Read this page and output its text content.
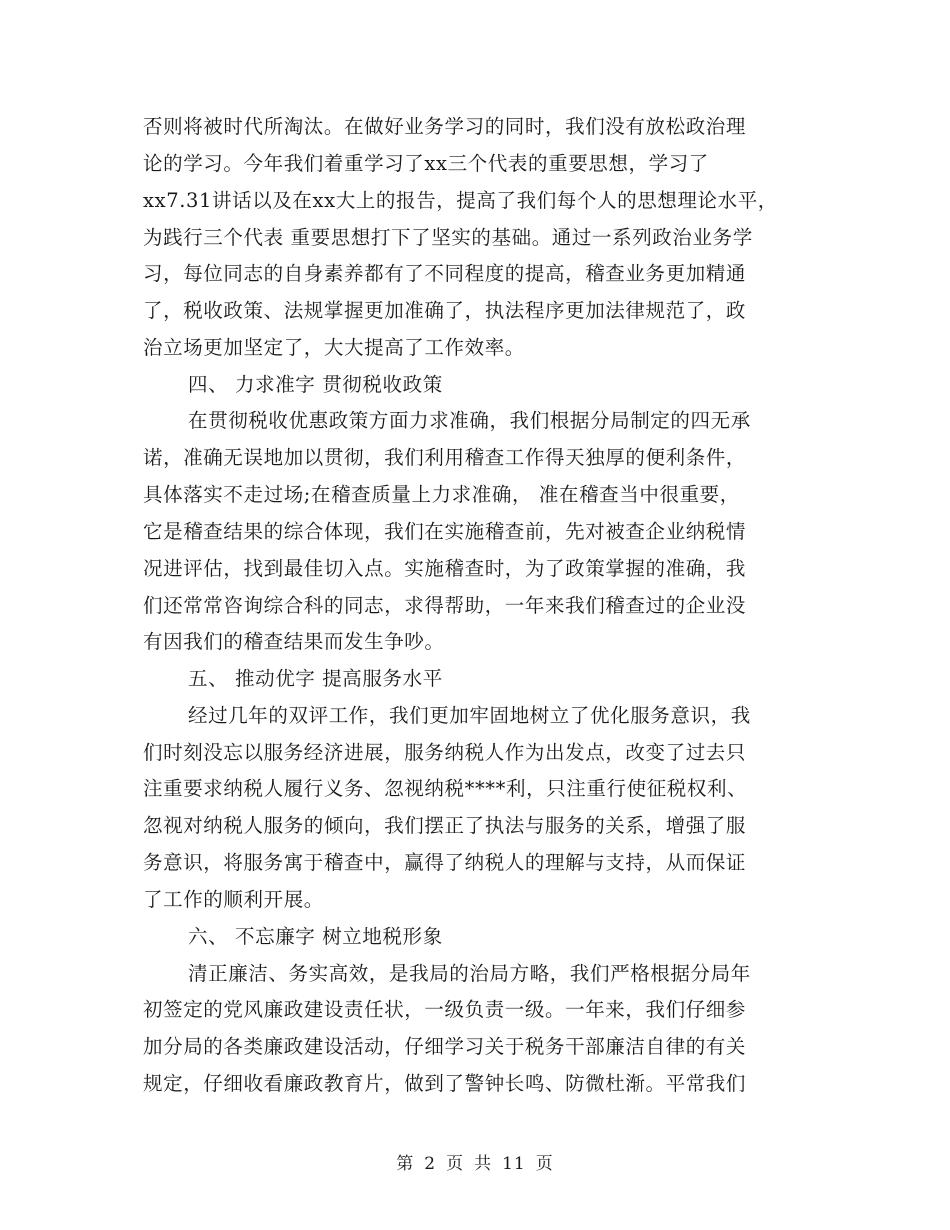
否则将被时代所淘汰。在做好业务学习的同时，我们没有放松政治理
论的学习。今年我们着重学习了xx三个代表的重要思想，学习了
xx7.31讲话以及在xx大上的报告，提高了我们每个人的思想理论水平，
为践行三个代表 重要思想打下了坚实的基础。通过一系列政治业务学
习，每位同志的自身素养都有了不同程度的提高，稽查业务更加精通
了，税收政策、法规掌握更加准确了，执法程序更加法律规范了，政
治立场更加坚定了，大大提高了工作效率。
四、 力求准字 贯彻税收政策
在贯彻税收优惠政策方面力求准确，我们根据分局制定的四无承
诺，准确无误地加以贯彻，我们利用稽查工作得天独厚的便利条件，
具体落实不走过场;在稽查质量上力求准确， 准在稽查当中很重要，
它是稽查结果的综合体现，我们在实施稽查前，先对被查企业纳税情
况进评估，找到最佳切入点。实施稽查时，为了政策掌握的准确，我
们还常常咨询综合科的同志，求得帮助，一年来我们稽查过的企业没
有因我们的稽查结果而发生争吵。
五、 推动优字 提高服务水平
经过几年的双评工作，我们更加牢固地树立了优化服务意识，我
们时刻没忘以服务经济进展，服务纳税人作为出发点，改变了过去只
注重要求纳税人履行义务、忽视纳税****利，只注重行使征税权利、
忽视对纳税人服务的倾向，我们摆正了执法与服务的关系，增强了服
务意识，将服务寓于稽查中，赢得了纳税人的理解与支持，从而保证
了工作的顺利开展。
六、 不忘廉字 树立地税形象
清正廉洁、务实高效，是我局的治局方略，我们严格根据分局年
初签定的党风廉政建设责任状，一级负责一级。一年来，我们仔细参
加分局的各类廉政建设活动，仔细学习关于税务干部廉洁自律的有关
规定，仔细收看廉政教育片，做到了警钟长鸣、防微杜渐。平常我们
第 2 页 共 11 页
